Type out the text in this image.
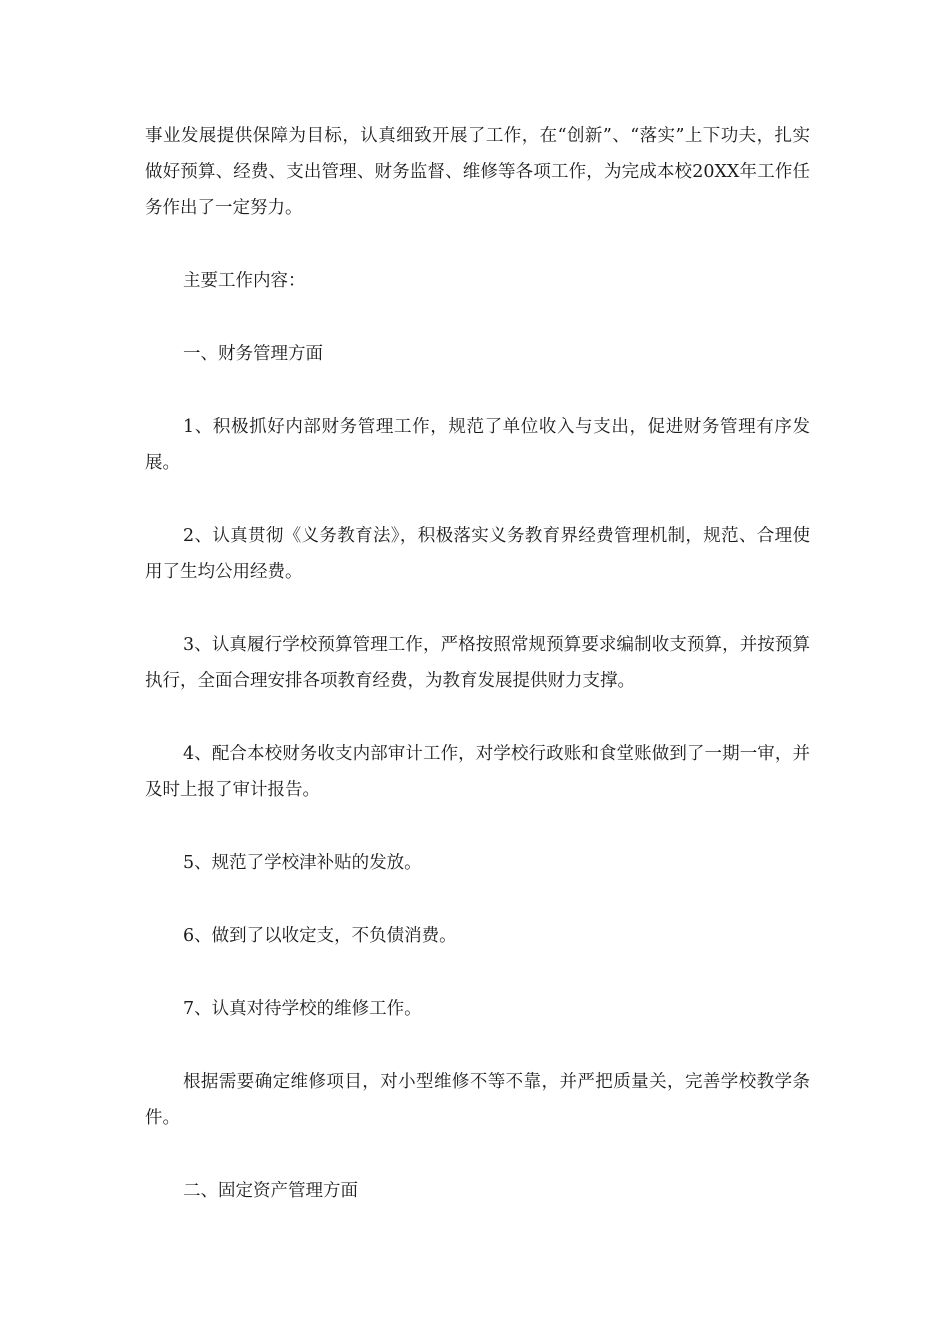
事业发展提供保障为目标，认真细致开展了工作，在“创新”、“落实”上下功夫，扎实做好预算、经费、支出管理、财务监督、维修等各项工作，为完成本校20XX年工作任务作出了一定努力。

主要工作内容：

一、财务管理方面

1、积极抓好内部财务管理工作，规范了单位收入与支出，促进财务管理有序发展。

2、认真贯彻《义务教育法》，积极落实义务教育界经费管理机制，规范、合理使用了生均公用经费。

3、认真履行学校预算管理工作，严格按照常规预算要求编制收支预算，并按预算执行，全面合理安排各项教育经费，为教育发展提供财力支撑。

4、配合本校财务收支内部审计工作，对学校行政账和食堂账做到了一期一审，并及时上报了审计报告。

5、规范了学校津补贴的发放。

6、做到了以收定支，不负债消费。

7、认真对待学校的维修工作。

根据需要确定维修项目，对小型维修不等不靠，并严把质量关，完善学校教学条件。

二、固定资产管理方面
